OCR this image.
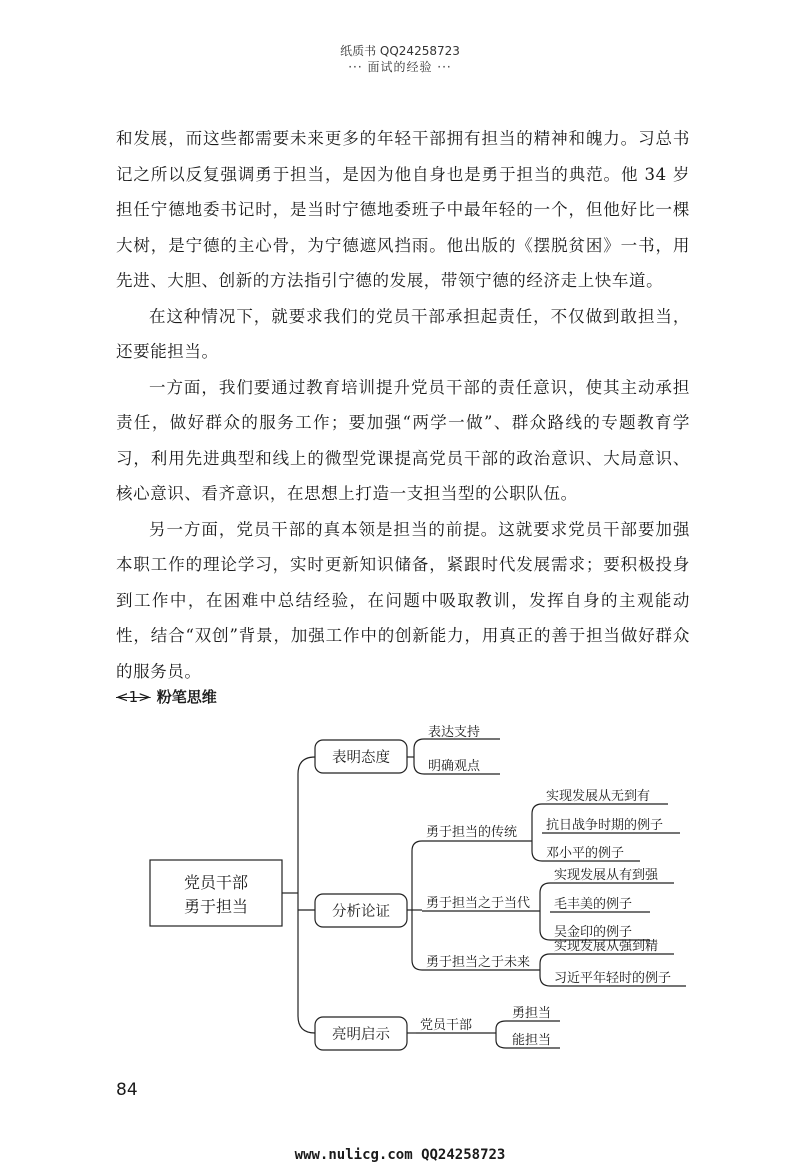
纸质书 QQ24258723
··· 面试的经验 ···

和发展，而这些都需要未来更多的年轻干部拥有担当的精神和魄力。习总书记之所以反复强调勇于担当，是因为他自身也是勇于担当的典范。他 34 岁担任宁德地委书记时，是当时宁德地委班子中最年轻的一个，但他好比一棵大树，是宁德的主心骨，为宁德遮风挡雨。他出版的《摆脱贫困》一书，用先进、大胆、创新的方法指引宁德的发展，带领宁德的经济走上快车道。

在这种情况下，就要求我们的党员干部承担起责任，不仅做到敢担当，还要能担当。

一方面，我们要通过教育培训提升党员干部的责任意识，使其主动承担责任，做好群众的服务工作；要加强“两学一做”、群众路线的专题教育学习，利用先进典型和线上的微型党课提高党员干部的政治意识、大局意识、核心意识、看齐意识，在思想上打造一支担当型的公职队伍。

另一方面，党员干部的真本领是担当的前提。这就要求党员干部要加强本职工作的理论学习，实时更新知识储备，紧跟时代发展需求；要积极投身到工作中，在困难中总结经验，在问题中吸取教训，发挥自身的主观能动性，结合“双创”背景，加强工作中的创新能力，用真正的善于担当做好群众的服务员。

<1> 粉笔思维
党员干部
勇于担当
表明态度
表达支持
明确观点
分析论证
勇于担当的传统
实现发展从无到有
抗日战争时期的例子
邓小平的例子
勇于担当之于当代
实现发展从有到强
毛丰美的例子
吴金印的例子
勇于担当之于未来
实现发展从强到精
习近平年轻时的例子
亮明启示
党员干部
勇担当
能担当
84
www.nulicg.com QQ24258723
